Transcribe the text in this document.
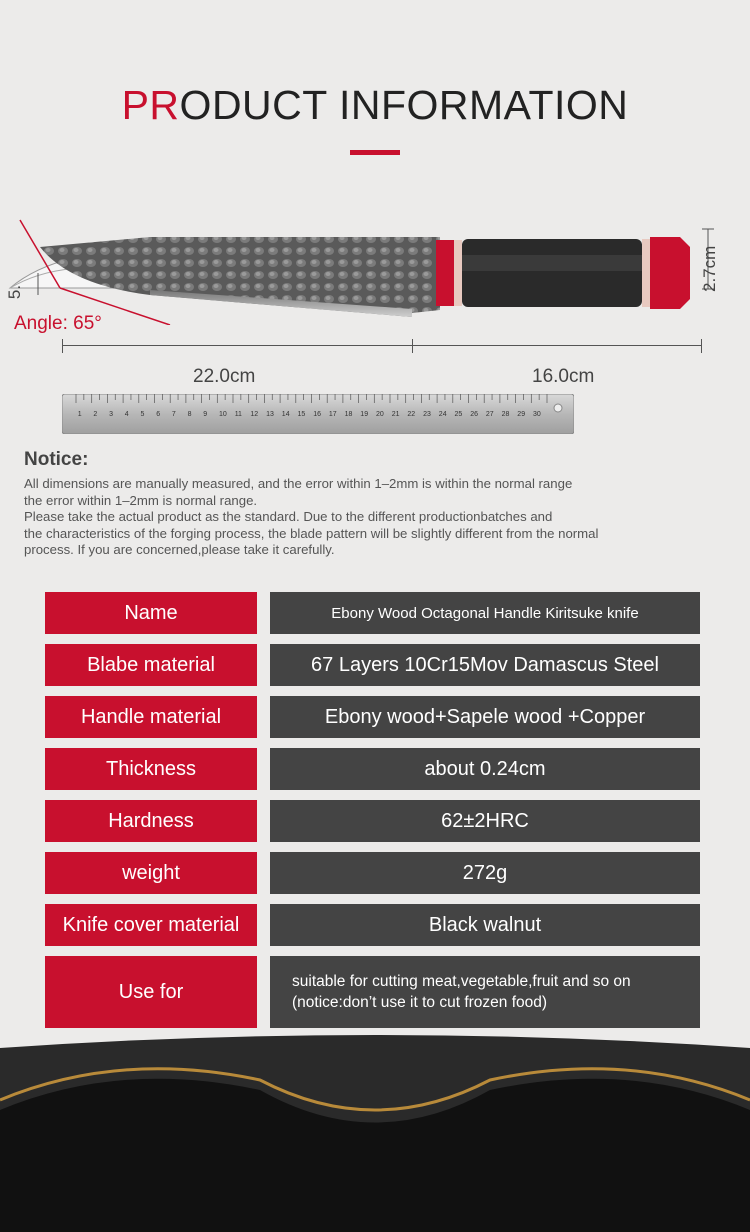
PRODUCT INFORMATION
Angle: 65°
5.	2.7cm
22.0cm	16.0cm
1 2 3 4 5 6 7 8 9 10 11 12 13 14 15 16 17 18 19 20 21 22 23 24 25 26 27 28 29 30
Notice:
All dimensions are manually measured, and the error within 1–2mm is within the normal range
the error within 1–2mm is normal range.
Please take the actual product as the standard. Due to the different productionbatches and
the characteristics of the forging process, the blade pattern will be slightly different from the normal
process. If you are concerned,please take it carefully.
Name	Ebony Wood Octagonal Handle Kiritsuke knife
Blabe material	67 Layers 10Cr15Mov Damascus Steel
Handle material	Ebony wood+Sapele wood +Copper
Thickness	about 0.24cm
Hardness	62±2HRC
weight	272g
Knife cover material	Black walnut
Use for	suitable for cutting meat,vegetable,fruit and so on
(notice:don’t use it to cut frozen food)
